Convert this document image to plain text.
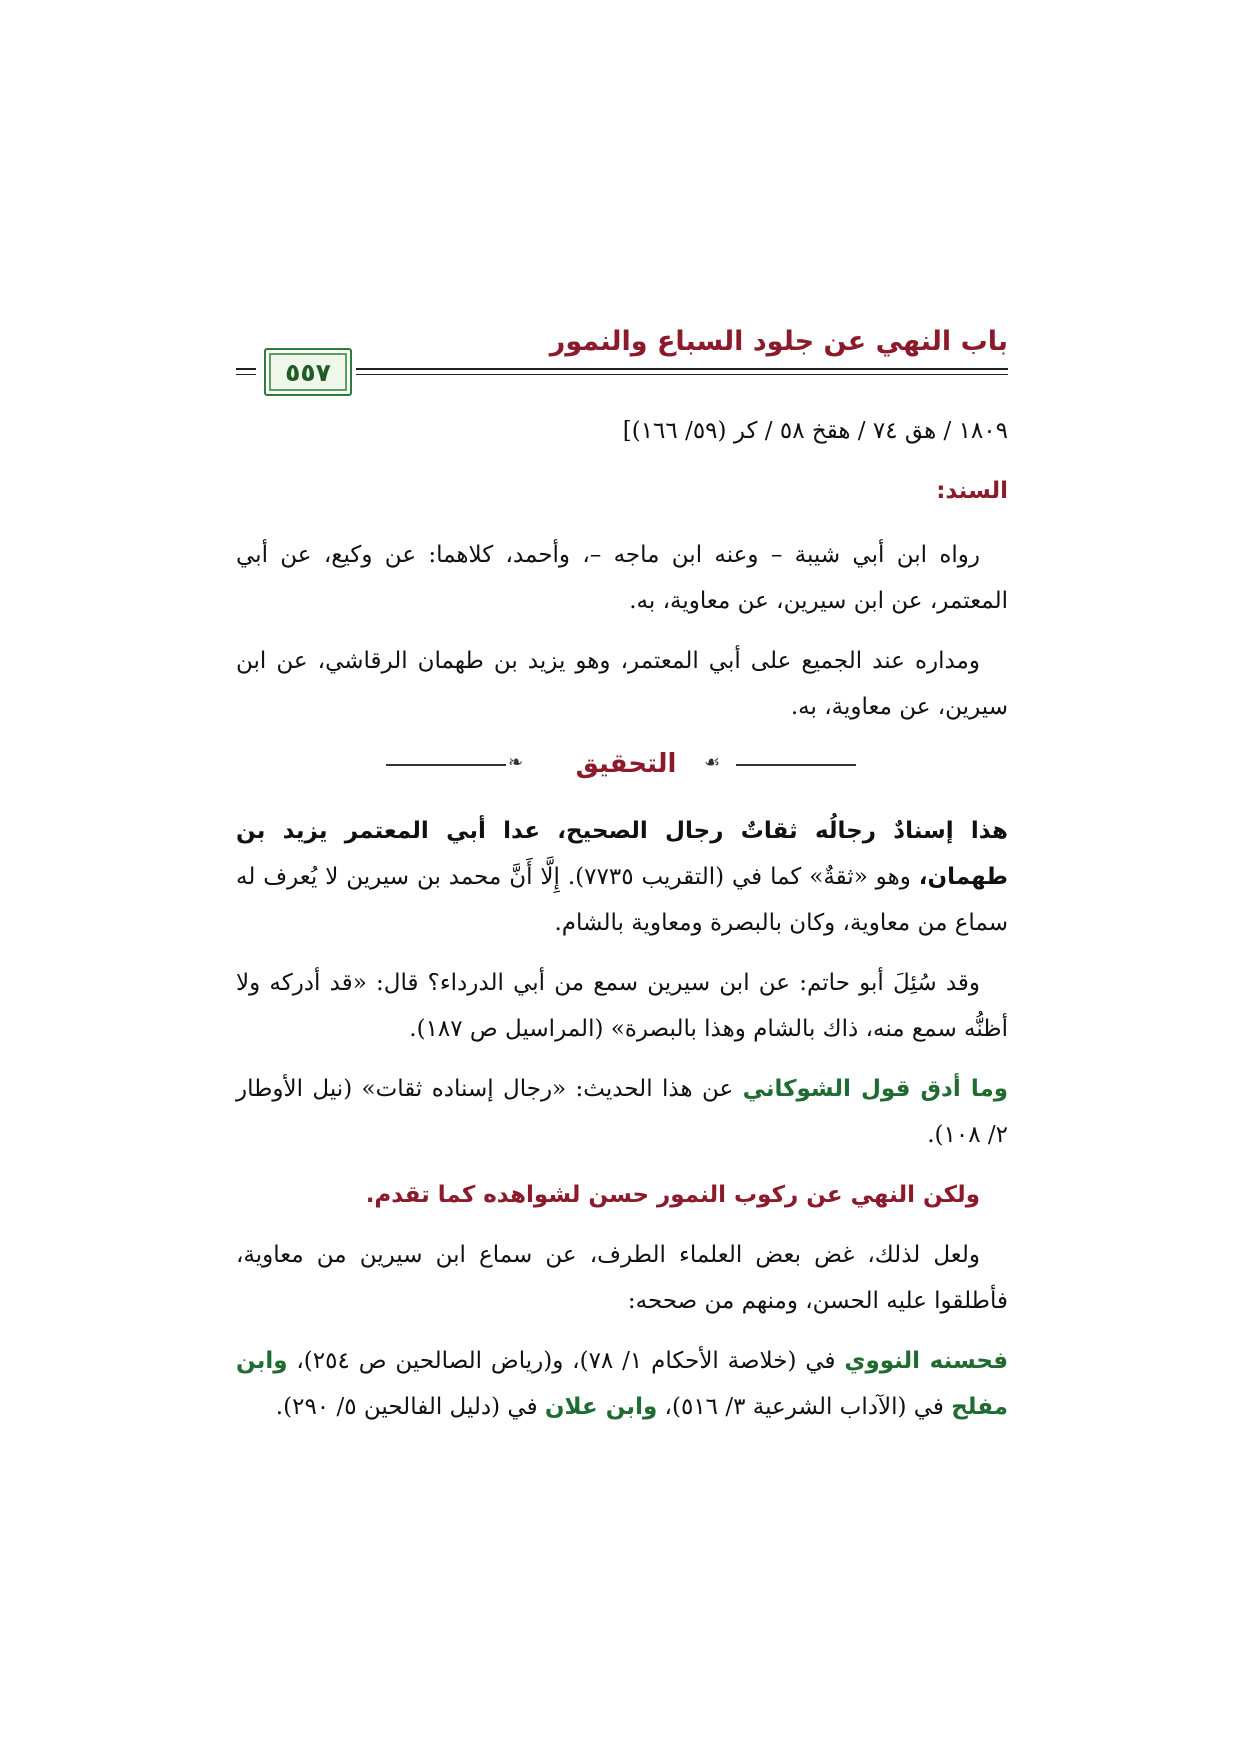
باب النهي عن جلود السباع والنمور
٥٥٧

١٨٠٩ / هق ٧٤ / هقخ ٥٨ / كر (٥٩/ ١٦٦)]

السند:

رواه ابن أبي شيبة – وعنه ابن ماجه –، وأحمد، كلاهما: عن وكيع، عن أبي المعتمر، عن ابن سيرين، عن معاوية، به.

ومداره عند الجميع على أبي المعتمر، وهو يزيد بن طهمان الرقاشي، عن ابن سيرين، عن معاوية، به.

❧	التحقيق	☙

هذا إسنادٌ رجالُه ثقاتٌ رجال الصحيح، عدا أبي المعتمر يزيد بن طهمان، وهو «ثقةٌ» كما في (التقريب ٧٧٣٥). إِلَّا أَنَّ محمد بن سيرين لا يُعرف له سماع من معاوية، وكان بالبصرة ومعاوية بالشام.

وقد سُئِلَ أبو حاتم: عن ابن سيرين سمع من أبي الدرداء؟ قال: «قد أدركه ولا أظنُّه سمع منه، ذاك بالشام وهذا بالبصرة» (المراسيل ص ١٨٧).

وما أدق قول الشوكاني عن هذا الحديث: «رجال إسناده ثقات» (نيل الأوطار ٢/ ١٠٨).

ولكن النهي عن ركوب النمور حسن لشواهده كما تقدم.

ولعل لذلك، غض بعض العلماء الطرف، عن سماع ابن سيرين من معاوية، فأطلقوا عليه الحسن، ومنهم من صححه:

فحسنه النووي في (خلاصة الأحكام ١/ ٧٨)، و(رياض الصالحين ص ٢٥٤)، وابن مفلح في (الآداب الشرعية ٣/ ٥١٦)، وابن علان في (دليل الفالحين ٥/ ٢٩٠).
